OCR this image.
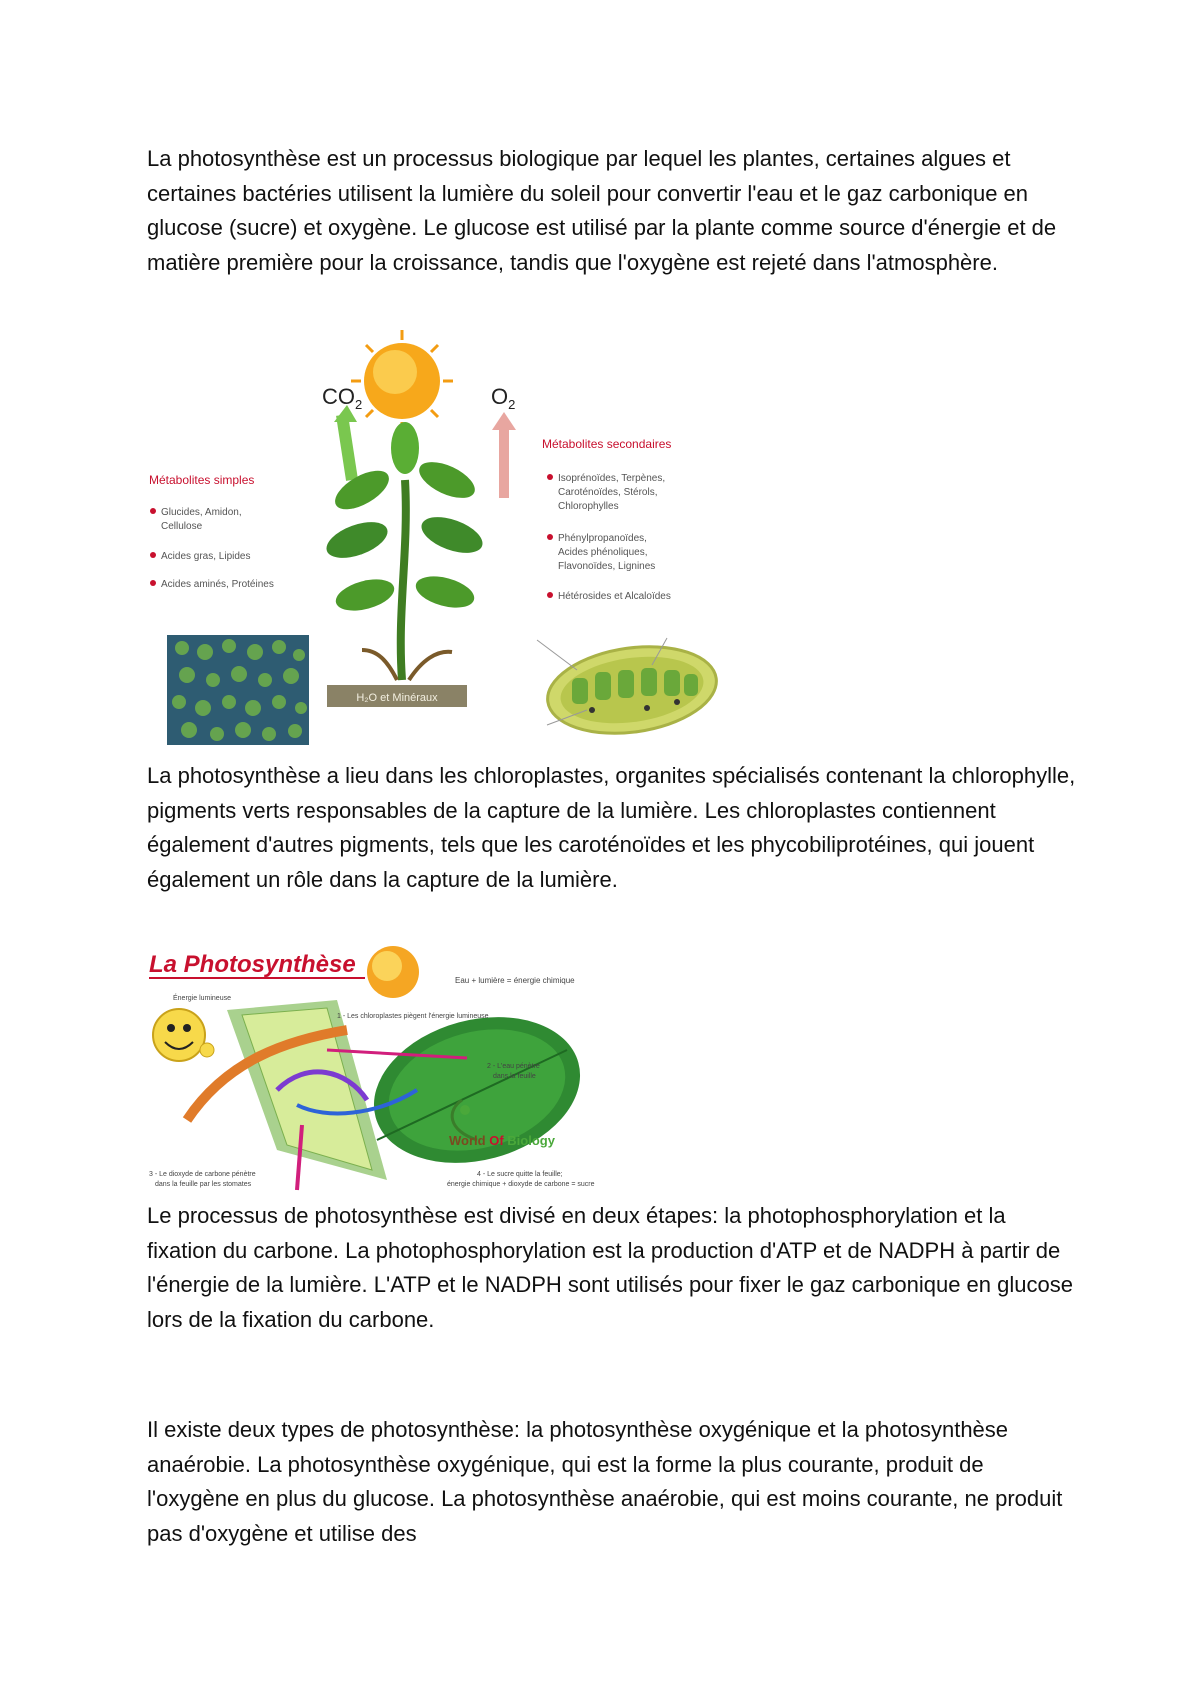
La photosynthèse est un processus biologique par lequel les plantes, certaines algues et certaines bactéries utilisent la lumière du soleil pour convertir l'eau et le gaz carbonique en glucose (sucre) et oxygène. Le glucose est utilisé par la plante comme source d'énergie et de matière première pour la croissance, tandis que l'oxygène est rejeté dans l'atmosphère.

$CO_2$	$O_2$
H₂O et Minéraux
Métabolites simples
Glucides, Amidon,
Cellulose
Acides gras, Lipides
Acides aminés, Protéines
Métabolites secondaires
Isoprénoïdes, Terpènes,
Caroténoïdes, Stérols,
Chlorophylles
Phénylpropanoïdes,
Acides phénoliques,
Flavonoïdes, Lignines
Hétérosides et Alcaloïdes

La photosynthèse a lieu dans les chloroplastes, organites spécialisés contenant la chlorophylle, pigments verts responsables de la capture de la lumière. Les chloroplastes contiennent également d'autres pigments, tels que les caroténoïdes et les phycobiliprotéines, qui jouent également un rôle dans la capture de la lumière.

La Photosynthèse
Eau + lumière = énergie chimique
Énergie lumineuse
1 - Les chloroplastes piègent l'énergie lumineuse
2 - L'eau pénètre
dans la feuille
World Of Biology
3 - Le dioxyde de carbone pénètre
dans la feuille par les stomates
4 - Le sucre quitte la feuille;
énergie chimique + dioxyde de carbone = sucre

Le processus de photosynthèse est divisé en deux étapes: la photophosphorylation et la fixation du carbone. La photophosphorylation est la production d'ATP et de NADPH à partir de l'énergie de la lumière. L'ATP et le NADPH sont utilisés pour fixer le gaz carbonique en glucose lors de la fixation du carbone.

Il existe deux types de photosynthèse: la photosynthèse oxygénique et la photosynthèse anaérobie. La photosynthèse oxygénique, qui est la forme la plus courante, produit de l'oxygène en plus du glucose. La photosynthèse anaérobie, qui est moins courante, ne produit pas d'oxygène et utilise des
